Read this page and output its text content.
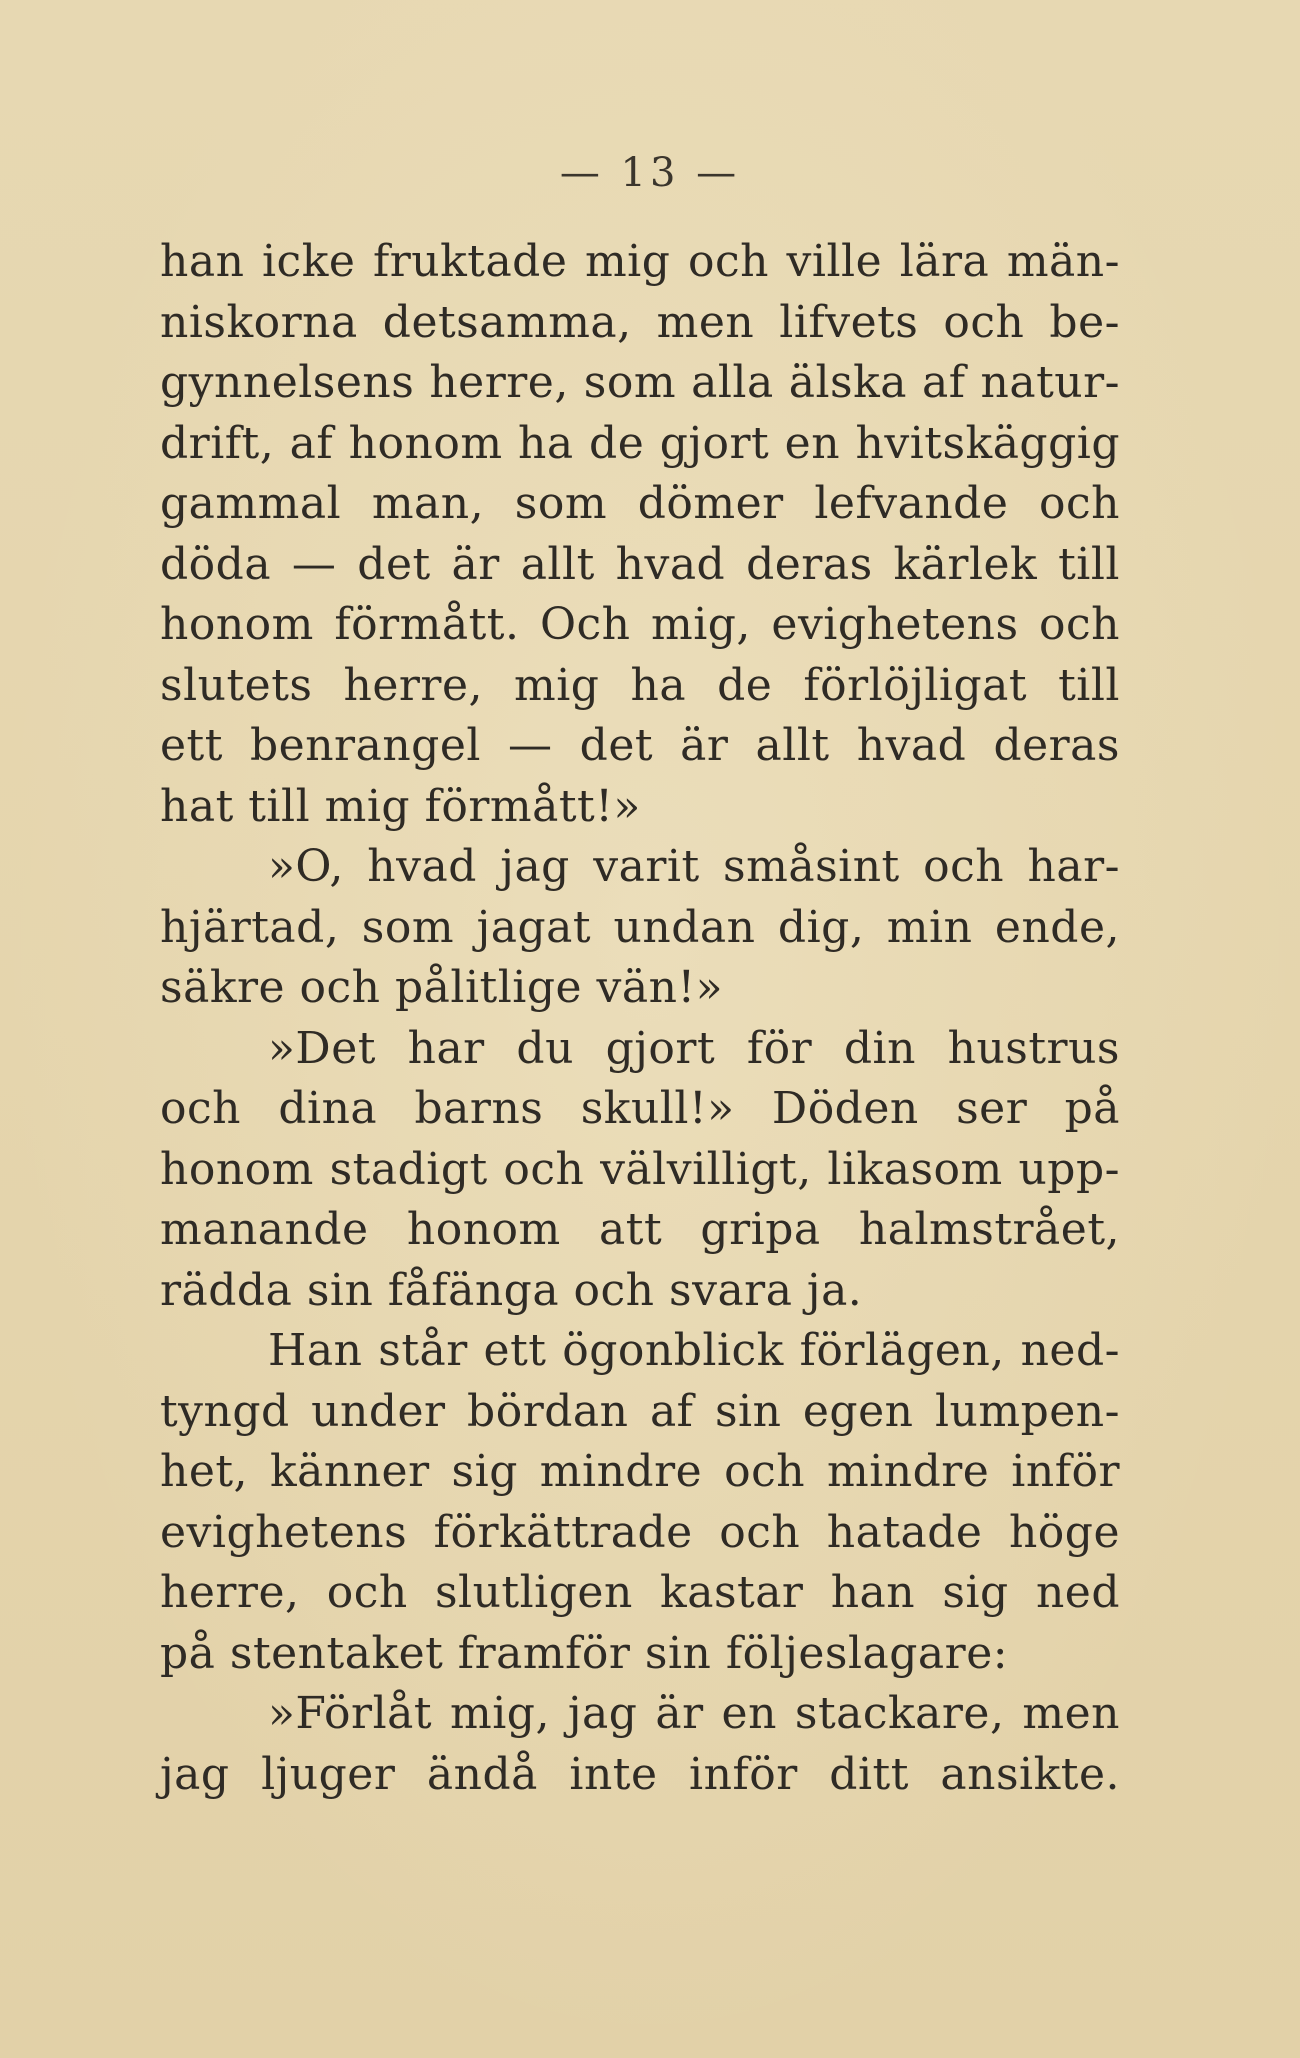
— 13 —
han icke fruktade mig och ville lära män-
niskorna detsamma, men lifvets och be-
gynnelsens herre, som alla älska af natur-
drift, af honom ha de gjort en hvitskäggig
gammal man, som dömer lefvande och
döda — det är allt hvad deras kärlek till
honom förmått. Och mig, evighetens och
slutets herre, mig ha de förlöjligat till
ett benrangel — det är allt hvad deras
hat till mig förmått!»
»O, hvad jag varit småsint och har-
hjärtad, som jagat undan dig, min ende,
säkre och pålitlige vän!»
»Det har du gjort för din hustrus
och dina barns skull!» Döden ser på
honom stadigt och välvilligt, likasom upp-
manande honom att gripa halmstrået,
rädda sin fåfänga och svara ja.
Han står ett ögonblick förlägen, ned-
tyngd under bördan af sin egen lumpen-
het, känner sig mindre och mindre inför
evighetens förkättrade och hatade höge
herre, och slutligen kastar han sig ned
på stentaket framför sin följeslagare:
»Förlåt mig, jag är en stackare, men
jag ljuger ändå inte inför ditt ansikte.
